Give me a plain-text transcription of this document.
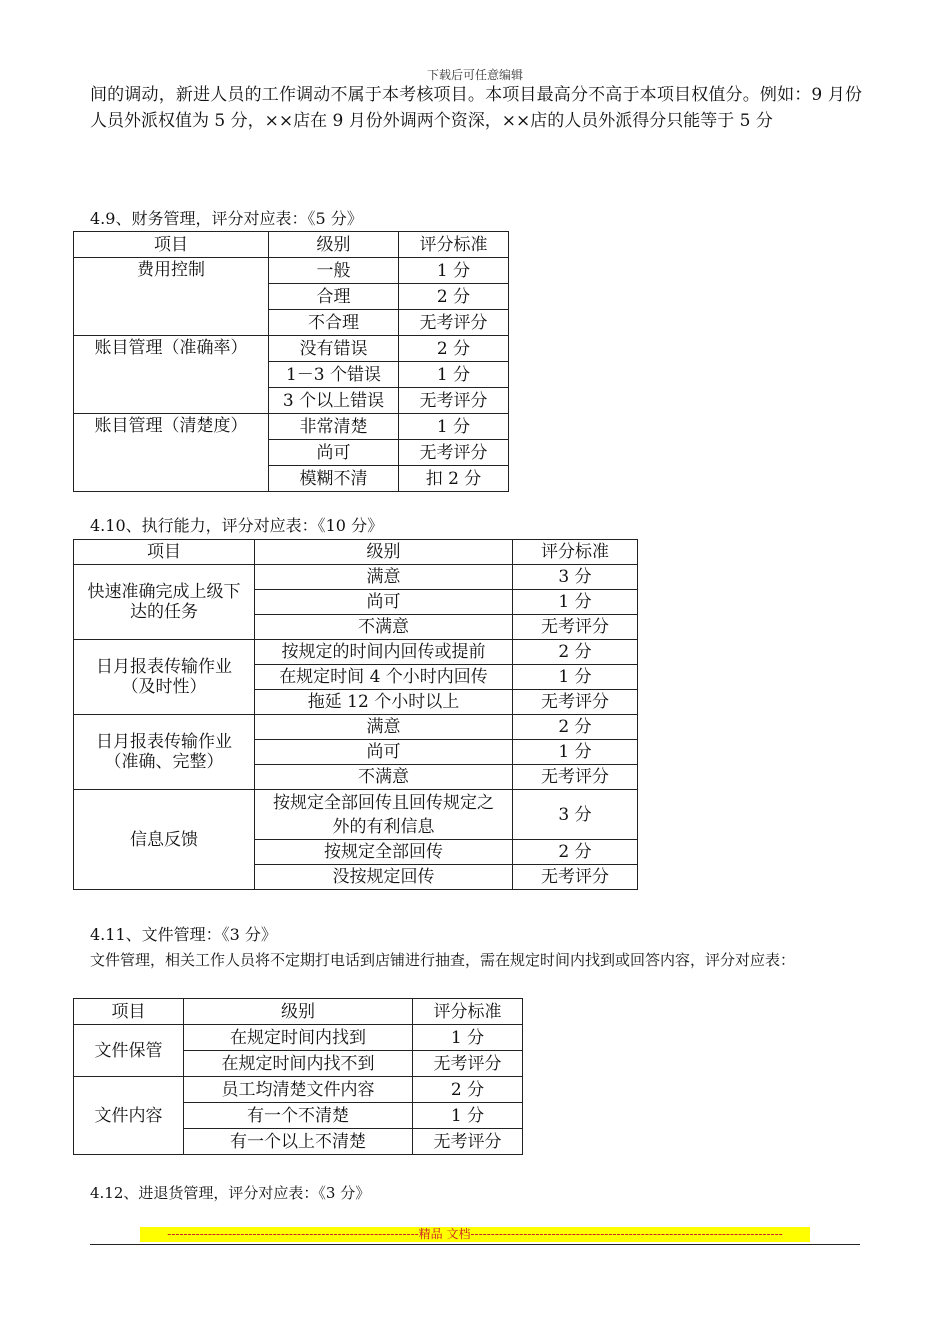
下载后可任意编辑

间的调动，新进人员的工作调动不属于本考核项目。本项目最高分不高于本项目权值分。例如：9 月份人员外派权值为 5 分，××店在 9 月份外调两个资深，××店的人员外派得分只能等于 5 分

4.9、财务管理，评分对应表：《5 分》
项目	级别	评分标准
费用控制	一般	1 分
	合理	2 分
	不合理	无考评分
账目管理（准确率）	没有错误	2 分
	1－3 个错误	1 分
	3 个以上错误	无考评分
账目管理（清楚度）	非常清楚	1 分
	尚可	无考评分
	模糊不清	扣 2 分
4.10、执行能力，评分对应表：《10 分》
项目	级别	评分标准
快速准确完成上级下达的任务	满意	3 分
	尚可	1 分
	不满意	无考评分
日月报表传输作业（及时性）	按规定的时间内回传或提前	2 分
	在规定时间 4 个小时内回传	1 分
	拖延 12 个小时以上	无考评分
日月报表传输作业（准确、完整）	满意	2 分
	尚可	1 分
	不满意	无考评分
信息反馈	按规定全部回传且回传规定之外的有利信息	3 分
	按规定全部回传	2 分
	没按规定回传	无考评分
4.11、文件管理：《3 分》
文件管理，相关工作人员将不定期打电话到店铺进行抽查，需在规定时间内找到或回答内容，评分对应表：
项目	级别	评分标准
文件保管	在规定时间内找到	1 分
	在规定时间内找不到	无考评分
文件内容	员工均清楚文件内容	2 分
	有一个不清楚	1 分
	有一个以上不清楚	无考评分
4.12、进退货管理，评分对应表：《3 分》
--------------------------------------------------------------精品 文档-----------------------------------------------------------------------------
